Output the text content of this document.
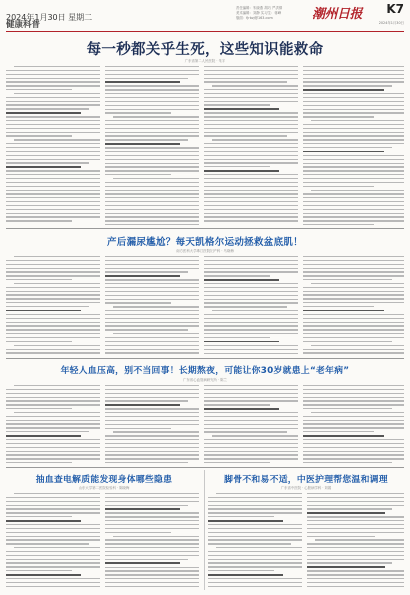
2024年1月30日 星期二
健康科普
责任编辑：朱晓燕 胡巧 严洪倩
美术编辑：刘静 实习生：蒋峰
版面：fjrbzj@163.com	潮州日报 K7
2024年1月30日
每一秒都关乎生死，这些知识能救命
广东省第二人民医院 · 朱宇
产后漏尿尴尬？每天凯格尔运动拯救盆底肌！
南方医科大学珠江医院妇产科 · 马晓梅
年轻人血压高，别不当回事！长期熬夜，可能让你30岁就患上“老年病”
广东省心血管病研究所 · 陈兰
抽血查电解质能发现身体哪些隐患
山东大学第二医院检验科 · 陈晓梅
脚骨不和易不适，中医护理帮您温和调理
广东省中医院 · 心脏病学科 · 刘娟
